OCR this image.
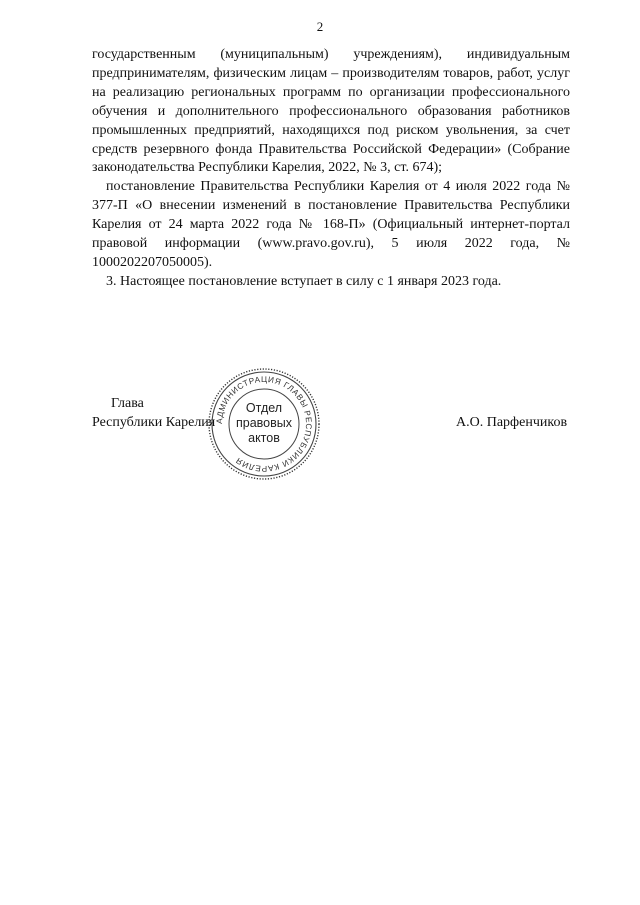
2

государственным (муниципальным) учреждениям), индивидуальным предпринимателям, физическим лицам – производителям товаров, работ, услуг на реализацию региональных программ по организации профессионального обучения и дополнительного профессионального образования работников промышленных предприятий, находящихся под риском увольнения, за счет средств резервного фонда Правительства Российской Федерации» (Собрание законодательства Республики Карелия, 2022, № 3, ст. 674);

постановление Правительства Республики Карелия от 4 июля 2022 года № 377-П «О внесении изменений в постановление Правительства Республики Карелия от 24 марта 2022 года № 168-П» (Официальный интернет-портал правовой информации (www.pravo.gov.ru), 5 июля 2022 года, № 1000202207050005).

3. Настоящее постановление вступает в силу с 1 января 2023 года.

Глава
Республики Карелия	А.О. Парфенчиков
АДМИНИСТРАЦИЯ ГЛАВЫ РЕСПУБЛИКИ КАРЕЛИЯ
Отдел
правовых
актов
